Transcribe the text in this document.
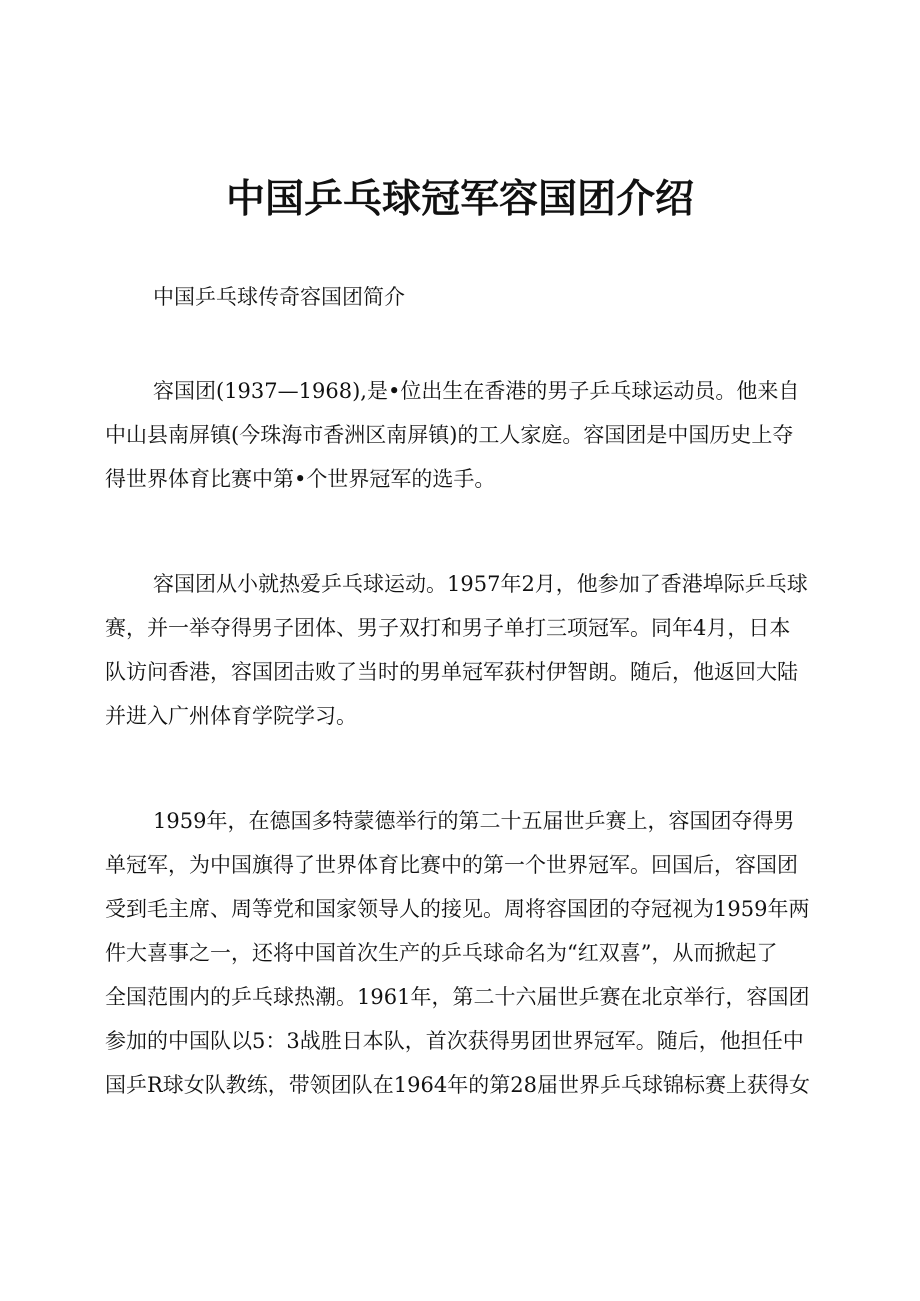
中国乒乓球冠军容国团介绍

中国乒乓球传奇容国团简介

容国团(1937—1968),是•位出生在香港的男子乒乓球运动员。他来自
中山县南屏镇(今珠海市香洲区南屏镇)的工人家庭。容国团是中国历史上夺
得世界体育比赛中第•个世界冠军的选手。
容国团从小就热爱乒乓球运动。1957年2月，他参加了香港埠际乒乓球
赛，并一举夺得男子团体、男子双打和男子单打三项冠军。同年4月，日本
队访问香港，容国团击败了当时的男单冠军荻村伊智朗。随后，他返回大陆
并进入广州体育学院学习。
1959年，在德国多特蒙德举行的第二十五届世乒赛上，容国团夺得男
单冠军，为中国旗得了世界体育比赛中的第一个世界冠军。回国后，容国团
受到毛主席、周等党和国家领导人的接见。周将容国团的夺冠视为1959年两
件大喜事之一，还将中国首次生产的乒乓球命名为“红双喜”，从而掀起了
全国范围内的乒乓球热潮。1961年，第二十六届世乒赛在北京举行，容国团
参加的中国队以5：3战胜日本队，首次获得男团世界冠军。随后，他担任中
国乒R球女队教练，带领团队在1964年的第28届世界乒乓球锦标赛上获得女
